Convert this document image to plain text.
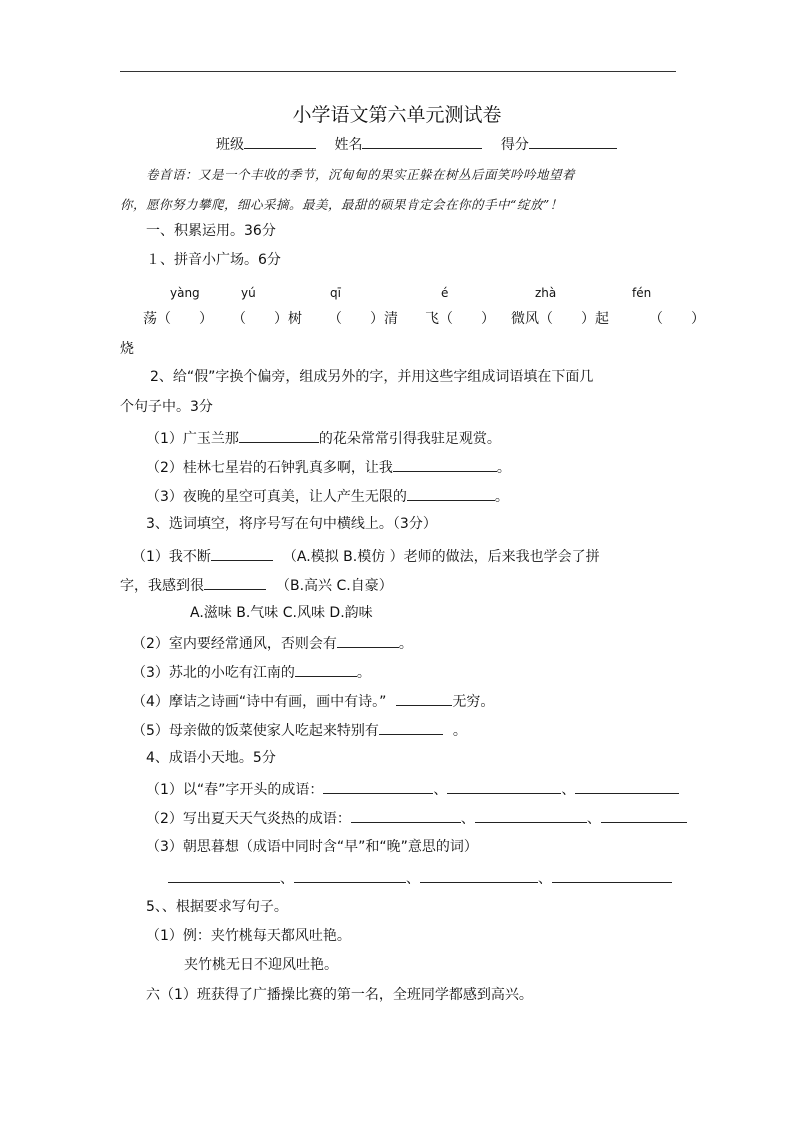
小学语文第六单元测试卷
班级	姓名	得分
卷首语：又是一个丰收的季节，沉甸甸的果实正躲在树丛后面笑吟吟地望着
你，愿你努力攀爬，细心采摘。最美，最甜的硕果肯定会在你的手中“绽放”！
一、积累运用。36分
１、拼音小广场。6分
yàng	yú	qī	é	zhà	fén
荡（　　） （　　）树 （　　）清 飞（　　） 微风（　　）起	（　　）
烧
2、给“假”字换个偏旁，组成另外的字，并用这些字组成词语填在下面几
个句子中。3分
（1）广玉兰那	的花朵常常引得我驻足观赏。
（2）桂林七星岩的石钟乳真多啊，让我	。
（3）夜晚的星空可真美，让人产生无限的	。
3、选词填空，将序号写在句中横线上。（3分）
（1）我不断	（A.模拟 B.模仿 ）老师的做法，后来我也学会了拼
字，我感到很	（B.高兴 C.自豪）
A.滋味 B.气味 C.风味 D.韵味
（2）室内要经常通风，否则会有	。
（3）苏北的小吃有江南的	。
（4）摩诘之诗画“诗中有画，画中有诗。”	无穷。
（5）母亲做的饭菜使家人吃起来特别有	。
4、成语小天地。5分
（1）以“春”字开头的成语：	、	、
（2）写出夏天天气炎热的成语：	、	、
（3）朝思暮想（成语中同时含“早”和“晚”意思的词）
、	、	、
5、、根据要求写句子。
（1）例：夹竹桃每天都风吐艳。
夹竹桃无日不迎风吐艳。
六（1）班获得了广播操比赛的第一名，全班同学都感到高兴。
